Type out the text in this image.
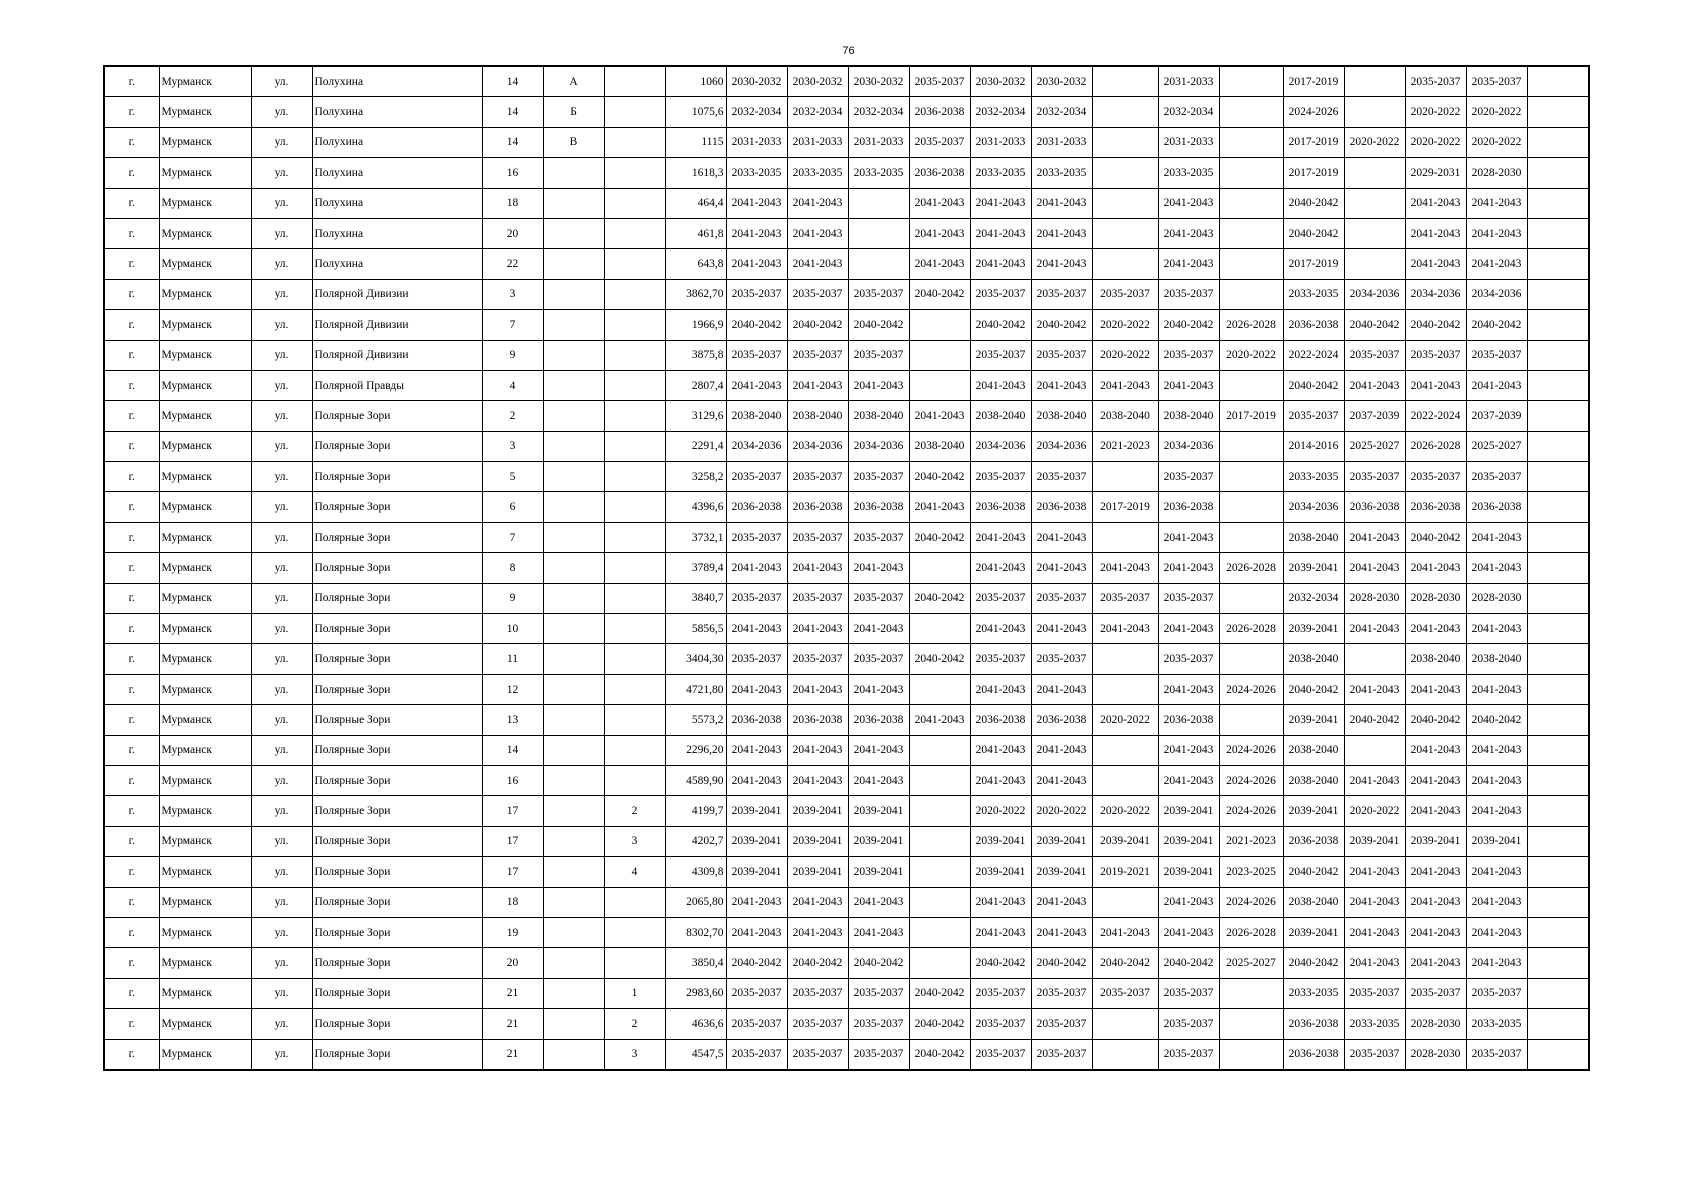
76
г.	Мурманск	ул.	Полухина	14	А		1060	2030-2032	2030-2032	2030-2032	2035-2037	2030-2032	2030-2032		2031-2033		2017-2019		2035-2037	2035-2037	
г.	Мурманск	ул.	Полухина	14	Б		1075,6	2032-2034	2032-2034	2032-2034	2036-2038	2032-2034	2032-2034		2032-2034		2024-2026		2020-2022	2020-2022	
г.	Мурманск	ул.	Полухина	14	В		1115	2031-2033	2031-2033	2031-2033	2035-2037	2031-2033	2031-2033		2031-2033		2017-2019	2020-2022	2020-2022	2020-2022	
г.	Мурманск	ул.	Полухина	16			1618,3	2033-2035	2033-2035	2033-2035	2036-2038	2033-2035	2033-2035		2033-2035		2017-2019		2029-2031	2028-2030	
г.	Мурманск	ул.	Полухина	18			464,4	2041-2043	2041-2043		2041-2043	2041-2043	2041-2043		2041-2043		2040-2042		2041-2043	2041-2043	
г.	Мурманск	ул.	Полухина	20			461,8	2041-2043	2041-2043		2041-2043	2041-2043	2041-2043		2041-2043		2040-2042		2041-2043	2041-2043	
г.	Мурманск	ул.	Полухина	22			643,8	2041-2043	2041-2043		2041-2043	2041-2043	2041-2043		2041-2043		2017-2019		2041-2043	2041-2043	
г.	Мурманск	ул.	Полярной Дивизии	3			3862,70	2035-2037	2035-2037	2035-2037	2040-2042	2035-2037	2035-2037	2035-2037	2035-2037		2033-2035	2034-2036	2034-2036	2034-2036	
г.	Мурманск	ул.	Полярной Дивизии	7			1966,9	2040-2042	2040-2042	2040-2042		2040-2042	2040-2042	2020-2022	2040-2042	2026-2028	2036-2038	2040-2042	2040-2042	2040-2042	
г.	Мурманск	ул.	Полярной Дивизии	9			3875,8	2035-2037	2035-2037	2035-2037		2035-2037	2035-2037	2020-2022	2035-2037	2020-2022	2022-2024	2035-2037	2035-2037	2035-2037	
г.	Мурманск	ул.	Полярной Правды	4			2807,4	2041-2043	2041-2043	2041-2043		2041-2043	2041-2043	2041-2043	2041-2043		2040-2042	2041-2043	2041-2043	2041-2043	
г.	Мурманск	ул.	Полярные Зори	2			3129,6	2038-2040	2038-2040	2038-2040	2041-2043	2038-2040	2038-2040	2038-2040	2038-2040	2017-2019	2035-2037	2037-2039	2022-2024	2037-2039	
г.	Мурманск	ул.	Полярные Зори	3			2291,4	2034-2036	2034-2036	2034-2036	2038-2040	2034-2036	2034-2036	2021-2023	2034-2036		2014-2016	2025-2027	2026-2028	2025-2027	
г.	Мурманск	ул.	Полярные Зори	5			3258,2	2035-2037	2035-2037	2035-2037	2040-2042	2035-2037	2035-2037		2035-2037		2033-2035	2035-2037	2035-2037	2035-2037	
г.	Мурманск	ул.	Полярные Зори	6			4396,6	2036-2038	2036-2038	2036-2038	2041-2043	2036-2038	2036-2038	2017-2019	2036-2038		2034-2036	2036-2038	2036-2038	2036-2038	
г.	Мурманск	ул.	Полярные Зори	7			3732,1	2035-2037	2035-2037	2035-2037	2040-2042	2041-2043	2041-2043		2041-2043		2038-2040	2041-2043	2040-2042	2041-2043	
г.	Мурманск	ул.	Полярные Зори	8			3789,4	2041-2043	2041-2043	2041-2043		2041-2043	2041-2043	2041-2043	2041-2043	2026-2028	2039-2041	2041-2043	2041-2043	2041-2043	
г.	Мурманск	ул.	Полярные Зори	9			3840,7	2035-2037	2035-2037	2035-2037	2040-2042	2035-2037	2035-2037	2035-2037	2035-2037		2032-2034	2028-2030	2028-2030	2028-2030	
г.	Мурманск	ул.	Полярные Зори	10			5856,5	2041-2043	2041-2043	2041-2043		2041-2043	2041-2043	2041-2043	2041-2043	2026-2028	2039-2041	2041-2043	2041-2043	2041-2043	
г.	Мурманск	ул.	Полярные Зори	11			3404,30	2035-2037	2035-2037	2035-2037	2040-2042	2035-2037	2035-2037		2035-2037		2038-2040		2038-2040	2038-2040	
г.	Мурманск	ул.	Полярные Зори	12			4721,80	2041-2043	2041-2043	2041-2043		2041-2043	2041-2043		2041-2043	2024-2026	2040-2042	2041-2043	2041-2043	2041-2043	
г.	Мурманск	ул.	Полярные Зори	13			5573,2	2036-2038	2036-2038	2036-2038	2041-2043	2036-2038	2036-2038	2020-2022	2036-2038		2039-2041	2040-2042	2040-2042	2040-2042	
г.	Мурманск	ул.	Полярные Зори	14			2296,20	2041-2043	2041-2043	2041-2043		2041-2043	2041-2043		2041-2043	2024-2026	2038-2040		2041-2043	2041-2043	
г.	Мурманск	ул.	Полярные Зори	16			4589,90	2041-2043	2041-2043	2041-2043		2041-2043	2041-2043		2041-2043	2024-2026	2038-2040	2041-2043	2041-2043	2041-2043	
г.	Мурманск	ул.	Полярные Зори	17		2	4199,7	2039-2041	2039-2041	2039-2041		2020-2022	2020-2022	2020-2022	2039-2041	2024-2026	2039-2041	2020-2022	2041-2043	2041-2043	
г.	Мурманск	ул.	Полярные Зори	17		3	4202,7	2039-2041	2039-2041	2039-2041		2039-2041	2039-2041	2039-2041	2039-2041	2021-2023	2036-2038	2039-2041	2039-2041	2039-2041	
г.	Мурманск	ул.	Полярные Зори	17		4	4309,8	2039-2041	2039-2041	2039-2041		2039-2041	2039-2041	2019-2021	2039-2041	2023-2025	2040-2042	2041-2043	2041-2043	2041-2043	
г.	Мурманск	ул.	Полярные Зори	18			2065,80	2041-2043	2041-2043	2041-2043		2041-2043	2041-2043		2041-2043	2024-2026	2038-2040	2041-2043	2041-2043	2041-2043	
г.	Мурманск	ул.	Полярные Зори	19			8302,70	2041-2043	2041-2043	2041-2043		2041-2043	2041-2043	2041-2043	2041-2043	2026-2028	2039-2041	2041-2043	2041-2043	2041-2043	
г.	Мурманск	ул.	Полярные Зори	20			3850,4	2040-2042	2040-2042	2040-2042		2040-2042	2040-2042	2040-2042	2040-2042	2025-2027	2040-2042	2041-2043	2041-2043	2041-2043	
г.	Мурманск	ул.	Полярные Зори	21		1	2983,60	2035-2037	2035-2037	2035-2037	2040-2042	2035-2037	2035-2037	2035-2037	2035-2037		2033-2035	2035-2037	2035-2037	2035-2037	
г.	Мурманск	ул.	Полярные Зори	21		2	4636,6	2035-2037	2035-2037	2035-2037	2040-2042	2035-2037	2035-2037		2035-2037		2036-2038	2033-2035	2028-2030	2033-2035	
г.	Мурманск	ул.	Полярные Зори	21		3	4547,5	2035-2037	2035-2037	2035-2037	2040-2042	2035-2037	2035-2037		2035-2037		2036-2038	2035-2037	2028-2030	2035-2037	
